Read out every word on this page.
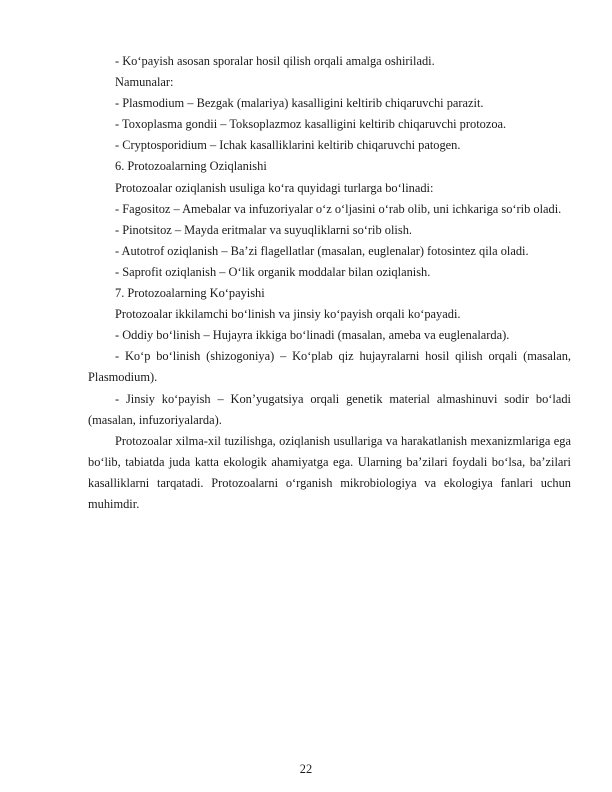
- Ko‘payish asosan sporalar hosil qilish orqali amalga oshiriladi.

Namunalar:

- Plasmodium – Bezgak (malariya) kasalligini keltirib chiqaruvchi parazit.

- Toxoplasma gondii – Toksoplazmoz kasalligini keltirib chiqaruvchi protozoa.

- Cryptosporidium – Ichak kasalliklarini keltirib chiqaruvchi patogen.

6. Protozoalarning Oziqlanishi

Protozoalar oziqlanish usuliga ko‘ra quyidagi turlarga bo‘linadi:

- Fagositoz – Amebalar va infuzoriyalar o‘z o‘ljasini o‘rab olib, uni ichkariga so‘rib oladi.

- Pinotsitoz – Mayda eritmalar va suyuqliklarni so‘rib olish.

- Autotrof oziqlanish – Ba’zi flagellatlar (masalan, euglenalar) fotosintez qila oladi.

- Saprofit oziqlanish – O‘lik organik moddalar bilan oziqlanish.

7. Protozoalarning Ko‘payishi

Protozoalar ikkilamchi bo‘linish va jinsiy ko‘payish orqali ko‘payadi.

- Oddiy bo‘linish – Hujayra ikkiga bo‘linadi (masalan, ameba va euglenalarda).

- Ko‘p bo‘linish (shizogoniya) – Ko‘plab qiz hujayralarni hosil qilish orqali (masalan, Plasmodium).

- Jinsiy ko‘payish – Kon’yugatsiya orqali genetik material almashinuvi sodir bo‘ladi (masalan, infuzoriyalarda).

Protozoalar xilma-xil tuzilishga, oziqlanish usullariga va harakatlanish mexanizmlariga ega bo‘lib, tabiatda juda katta ekologik ahamiyatga ega. Ularning ba’zilari foydali bo‘lsa, ba’zilari kasalliklarni tarqatadi. Protozoalarni o‘rganish mikrobiologiya va ekologiya fanlari uchun muhimdir.

22
